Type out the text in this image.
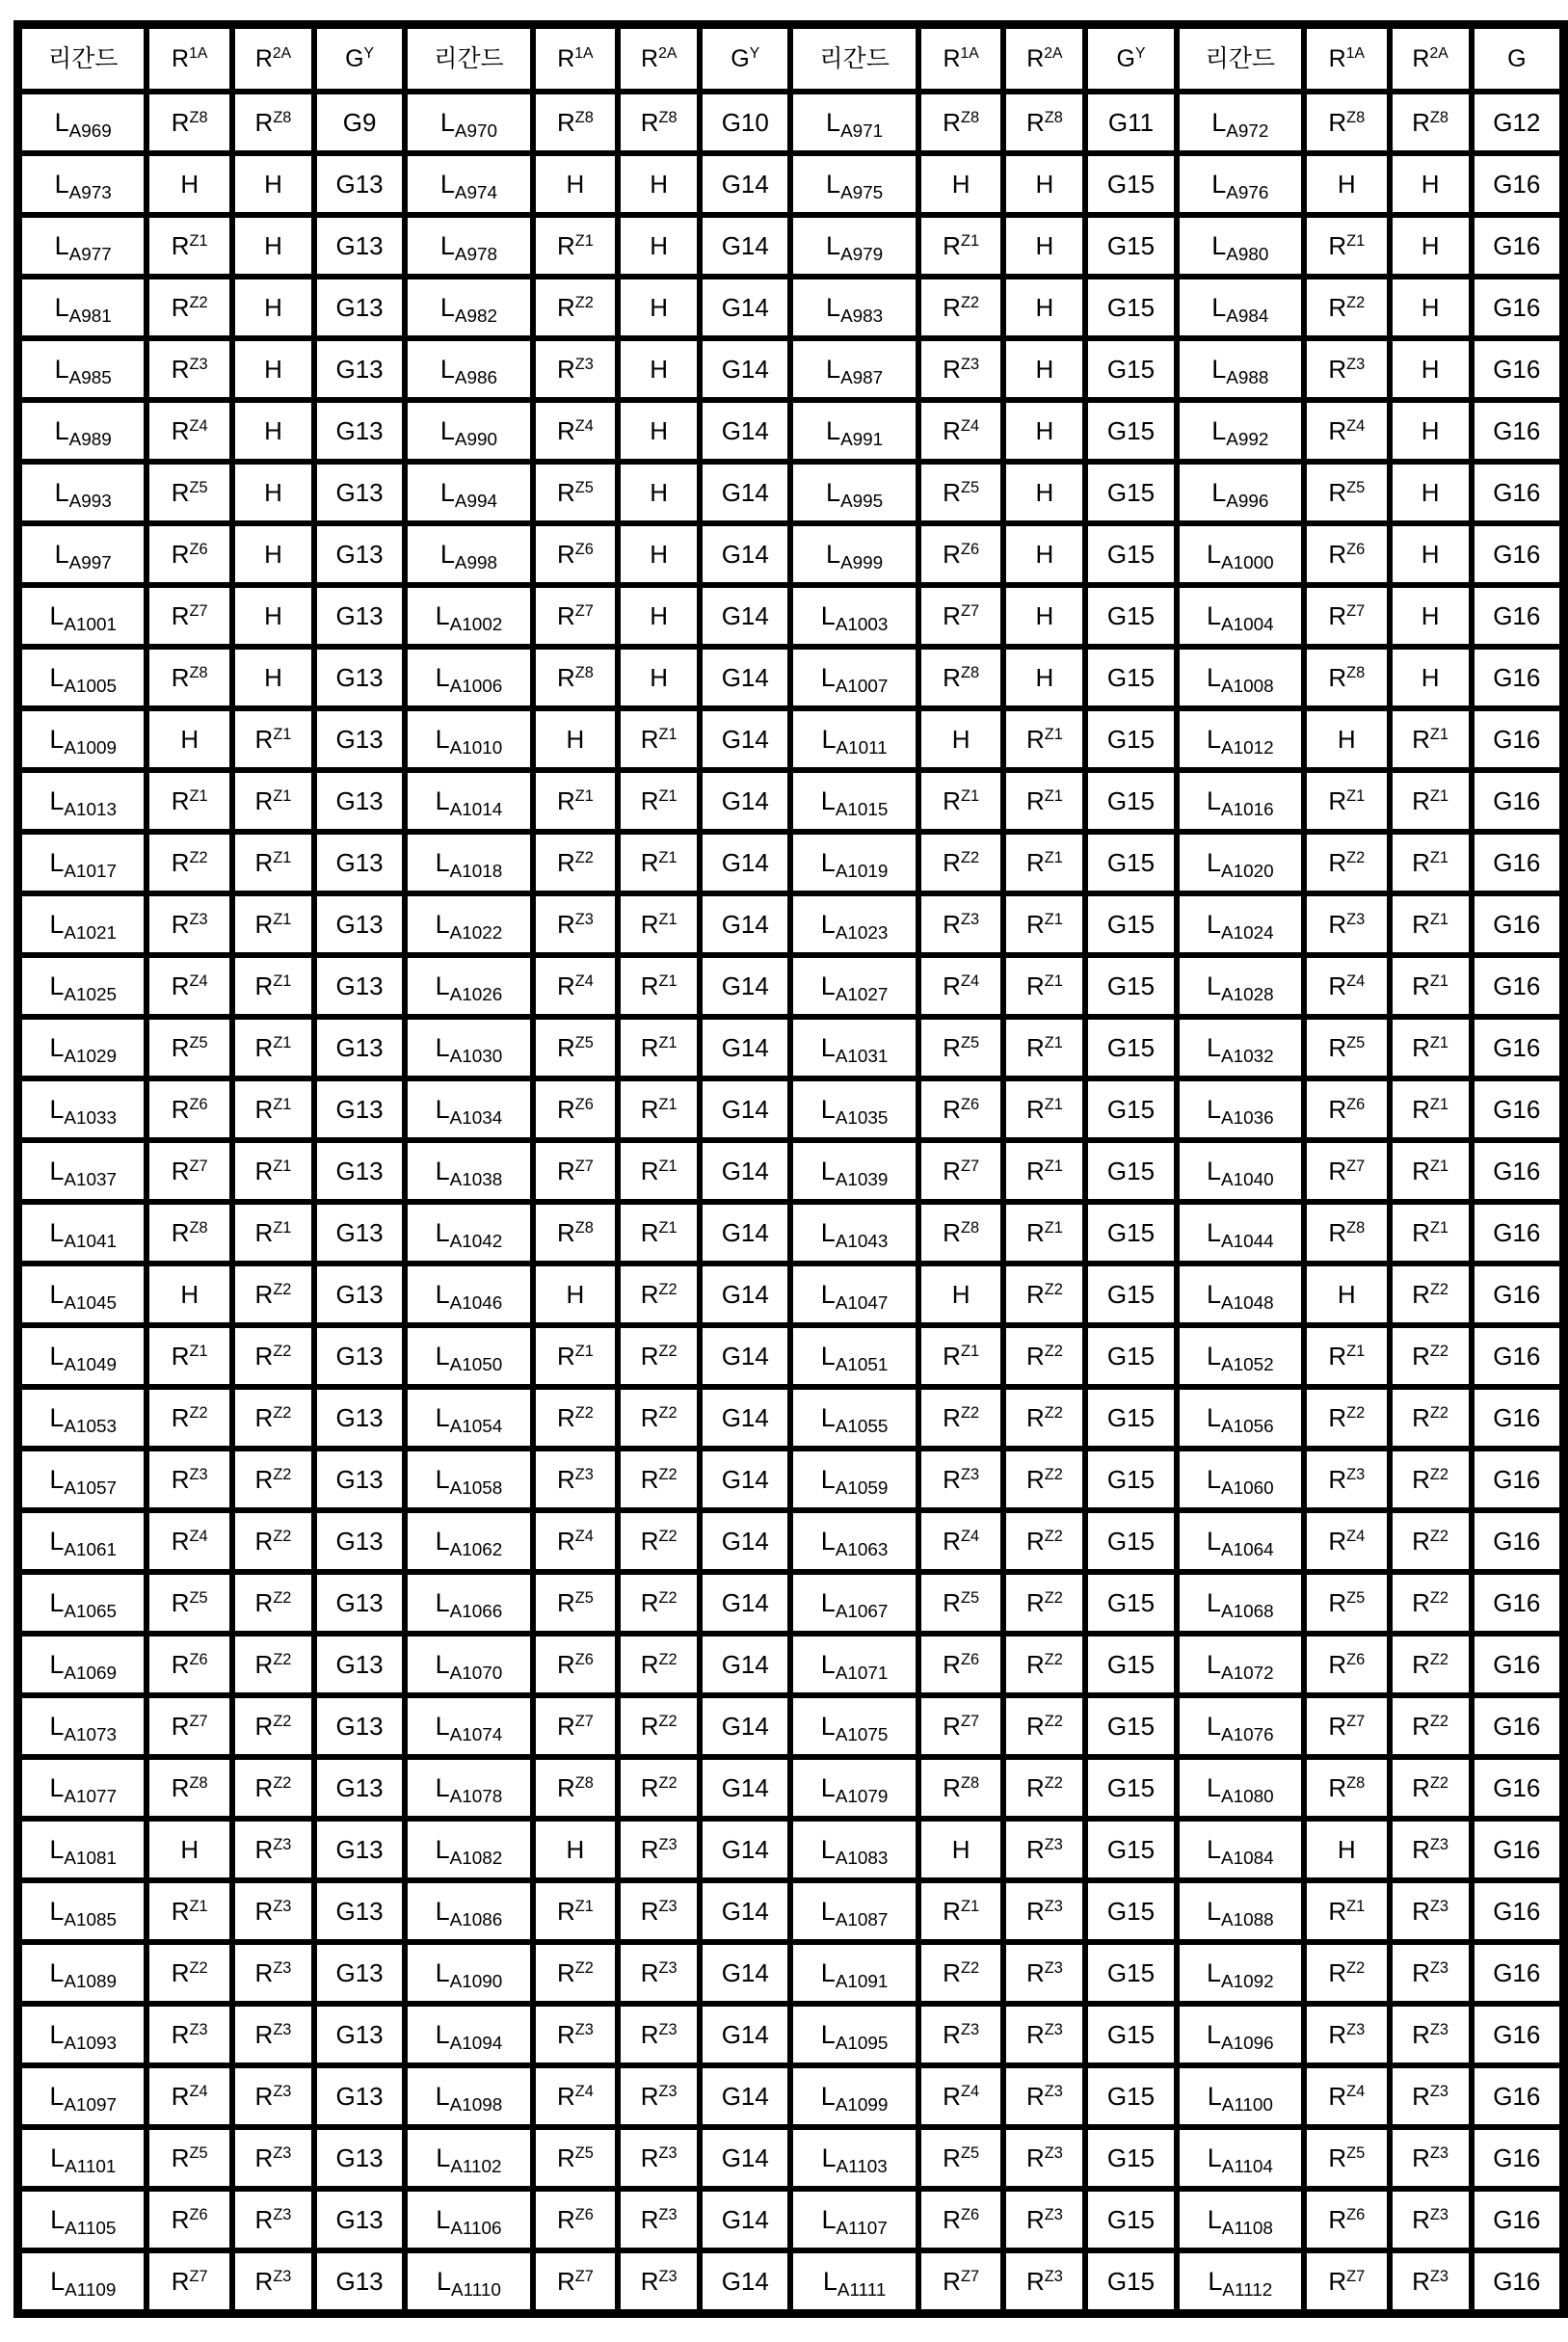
리간드	$R^{1A}$	$R^{2A}$	$G^Y$	리간드	$R^{1A}$	$R^{2A}$	$G^Y$	리간드	$R^{1A}$	$R^{2A}$	$G^Y$	리간드	$R^{1A}$	$R^{2A}$	G
$L_{A969}$	$R^{Z8}$	$R^{Z8}$	G9	$L_{A970}$	$R^{Z8}$	$R^{Z8}$	G10	$L_{A971}$	$R^{Z8}$	$R^{Z8}$	G11	$L_{A972}$	$R^{Z8}$	$R^{Z8}$	G12
$L_{A973}$	H	H	G13	$L_{A974}$	H	H	G14	$L_{A975}$	H	H	G15	$L_{A976}$	H	H	G16
$L_{A977}$	$R^{Z1}$	H	G13	$L_{A978}$	$R^{Z1}$	H	G14	$L_{A979}$	$R^{Z1}$	H	G15	$L_{A980}$	$R^{Z1}$	H	G16
$L_{A981}$	$R^{Z2}$	H	G13	$L_{A982}$	$R^{Z2}$	H	G14	$L_{A983}$	$R^{Z2}$	H	G15	$L_{A984}$	$R^{Z2}$	H	G16
$L_{A985}$	$R^{Z3}$	H	G13	$L_{A986}$	$R^{Z3}$	H	G14	$L_{A987}$	$R^{Z3}$	H	G15	$L_{A988}$	$R^{Z3}$	H	G16
$L_{A989}$	$R^{Z4}$	H	G13	$L_{A990}$	$R^{Z4}$	H	G14	$L_{A991}$	$R^{Z4}$	H	G15	$L_{A992}$	$R^{Z4}$	H	G16
$L_{A993}$	$R^{Z5}$	H	G13	$L_{A994}$	$R^{Z5}$	H	G14	$L_{A995}$	$R^{Z5}$	H	G15	$L_{A996}$	$R^{Z5}$	H	G16
$L_{A997}$	$R^{Z6}$	H	G13	$L_{A998}$	$R^{Z6}$	H	G14	$L_{A999}$	$R^{Z6}$	H	G15	$L_{A1000}$	$R^{Z6}$	H	G16
$L_{A1001}$	$R^{Z7}$	H	G13	$L_{A1002}$	$R^{Z7}$	H	G14	$L_{A1003}$	$R^{Z7}$	H	G15	$L_{A1004}$	$R^{Z7}$	H	G16
$L_{A1005}$	$R^{Z8}$	H	G13	$L_{A1006}$	$R^{Z8}$	H	G14	$L_{A1007}$	$R^{Z8}$	H	G15	$L_{A1008}$	$R^{Z8}$	H	G16
$L_{A1009}$	H	$R^{Z1}$	G13	$L_{A1010}$	H	$R^{Z1}$	G14	$L_{A1011}$	H	$R^{Z1}$	G15	$L_{A1012}$	H	$R^{Z1}$	G16
$L_{A1013}$	$R^{Z1}$	$R^{Z1}$	G13	$L_{A1014}$	$R^{Z1}$	$R^{Z1}$	G14	$L_{A1015}$	$R^{Z1}$	$R^{Z1}$	G15	$L_{A1016}$	$R^{Z1}$	$R^{Z1}$	G16
$L_{A1017}$	$R^{Z2}$	$R^{Z1}$	G13	$L_{A1018}$	$R^{Z2}$	$R^{Z1}$	G14	$L_{A1019}$	$R^{Z2}$	$R^{Z1}$	G15	$L_{A1020}$	$R^{Z2}$	$R^{Z1}$	G16
$L_{A1021}$	$R^{Z3}$	$R^{Z1}$	G13	$L_{A1022}$	$R^{Z3}$	$R^{Z1}$	G14	$L_{A1023}$	$R^{Z3}$	$R^{Z1}$	G15	$L_{A1024}$	$R^{Z3}$	$R^{Z1}$	G16
$L_{A1025}$	$R^{Z4}$	$R^{Z1}$	G13	$L_{A1026}$	$R^{Z4}$	$R^{Z1}$	G14	$L_{A1027}$	$R^{Z4}$	$R^{Z1}$	G15	$L_{A1028}$	$R^{Z4}$	$R^{Z1}$	G16
$L_{A1029}$	$R^{Z5}$	$R^{Z1}$	G13	$L_{A1030}$	$R^{Z5}$	$R^{Z1}$	G14	$L_{A1031}$	$R^{Z5}$	$R^{Z1}$	G15	$L_{A1032}$	$R^{Z5}$	$R^{Z1}$	G16
$L_{A1033}$	$R^{Z6}$	$R^{Z1}$	G13	$L_{A1034}$	$R^{Z6}$	$R^{Z1}$	G14	$L_{A1035}$	$R^{Z6}$	$R^{Z1}$	G15	$L_{A1036}$	$R^{Z6}$	$R^{Z1}$	G16
$L_{A1037}$	$R^{Z7}$	$R^{Z1}$	G13	$L_{A1038}$	$R^{Z7}$	$R^{Z1}$	G14	$L_{A1039}$	$R^{Z7}$	$R^{Z1}$	G15	$L_{A1040}$	$R^{Z7}$	$R^{Z1}$	G16
$L_{A1041}$	$R^{Z8}$	$R^{Z1}$	G13	$L_{A1042}$	$R^{Z8}$	$R^{Z1}$	G14	$L_{A1043}$	$R^{Z8}$	$R^{Z1}$	G15	$L_{A1044}$	$R^{Z8}$	$R^{Z1}$	G16
$L_{A1045}$	H	$R^{Z2}$	G13	$L_{A1046}$	H	$R^{Z2}$	G14	$L_{A1047}$	H	$R^{Z2}$	G15	$L_{A1048}$	H	$R^{Z2}$	G16
$L_{A1049}$	$R^{Z1}$	$R^{Z2}$	G13	$L_{A1050}$	$R^{Z1}$	$R^{Z2}$	G14	$L_{A1051}$	$R^{Z1}$	$R^{Z2}$	G15	$L_{A1052}$	$R^{Z1}$	$R^{Z2}$	G16
$L_{A1053}$	$R^{Z2}$	$R^{Z2}$	G13	$L_{A1054}$	$R^{Z2}$	$R^{Z2}$	G14	$L_{A1055}$	$R^{Z2}$	$R^{Z2}$	G15	$L_{A1056}$	$R^{Z2}$	$R^{Z2}$	G16
$L_{A1057}$	$R^{Z3}$	$R^{Z2}$	G13	$L_{A1058}$	$R^{Z3}$	$R^{Z2}$	G14	$L_{A1059}$	$R^{Z3}$	$R^{Z2}$	G15	$L_{A1060}$	$R^{Z3}$	$R^{Z2}$	G16
$L_{A1061}$	$R^{Z4}$	$R^{Z2}$	G13	$L_{A1062}$	$R^{Z4}$	$R^{Z2}$	G14	$L_{A1063}$	$R^{Z4}$	$R^{Z2}$	G15	$L_{A1064}$	$R^{Z4}$	$R^{Z2}$	G16
$L_{A1065}$	$R^{Z5}$	$R^{Z2}$	G13	$L_{A1066}$	$R^{Z5}$	$R^{Z2}$	G14	$L_{A1067}$	$R^{Z5}$	$R^{Z2}$	G15	$L_{A1068}$	$R^{Z5}$	$R^{Z2}$	G16
$L_{A1069}$	$R^{Z6}$	$R^{Z2}$	G13	$L_{A1070}$	$R^{Z6}$	$R^{Z2}$	G14	$L_{A1071}$	$R^{Z6}$	$R^{Z2}$	G15	$L_{A1072}$	$R^{Z6}$	$R^{Z2}$	G16
$L_{A1073}$	$R^{Z7}$	$R^{Z2}$	G13	$L_{A1074}$	$R^{Z7}$	$R^{Z2}$	G14	$L_{A1075}$	$R^{Z7}$	$R^{Z2}$	G15	$L_{A1076}$	$R^{Z7}$	$R^{Z2}$	G16
$L_{A1077}$	$R^{Z8}$	$R^{Z2}$	G13	$L_{A1078}$	$R^{Z8}$	$R^{Z2}$	G14	$L_{A1079}$	$R^{Z8}$	$R^{Z2}$	G15	$L_{A1080}$	$R^{Z8}$	$R^{Z2}$	G16
$L_{A1081}$	H	$R^{Z3}$	G13	$L_{A1082}$	H	$R^{Z3}$	G14	$L_{A1083}$	H	$R^{Z3}$	G15	$L_{A1084}$	H	$R^{Z3}$	G16
$L_{A1085}$	$R^{Z1}$	$R^{Z3}$	G13	$L_{A1086}$	$R^{Z1}$	$R^{Z3}$	G14	$L_{A1087}$	$R^{Z1}$	$R^{Z3}$	G15	$L_{A1088}$	$R^{Z1}$	$R^{Z3}$	G16
$L_{A1089}$	$R^{Z2}$	$R^{Z3}$	G13	$L_{A1090}$	$R^{Z2}$	$R^{Z3}$	G14	$L_{A1091}$	$R^{Z2}$	$R^{Z3}$	G15	$L_{A1092}$	$R^{Z2}$	$R^{Z3}$	G16
$L_{A1093}$	$R^{Z3}$	$R^{Z3}$	G13	$L_{A1094}$	$R^{Z3}$	$R^{Z3}$	G14	$L_{A1095}$	$R^{Z3}$	$R^{Z3}$	G15	$L_{A1096}$	$R^{Z3}$	$R^{Z3}$	G16
$L_{A1097}$	$R^{Z4}$	$R^{Z3}$	G13	$L_{A1098}$	$R^{Z4}$	$R^{Z3}$	G14	$L_{A1099}$	$R^{Z4}$	$R^{Z3}$	G15	$L_{A1100}$	$R^{Z4}$	$R^{Z3}$	G16
$L_{A1101}$	$R^{Z5}$	$R^{Z3}$	G13	$L_{A1102}$	$R^{Z5}$	$R^{Z3}$	G14	$L_{A1103}$	$R^{Z5}$	$R^{Z3}$	G15	$L_{A1104}$	$R^{Z5}$	$R^{Z3}$	G16
$L_{A1105}$	$R^{Z6}$	$R^{Z3}$	G13	$L_{A1106}$	$R^{Z6}$	$R^{Z3}$	G14	$L_{A1107}$	$R^{Z6}$	$R^{Z3}$	G15	$L_{A1108}$	$R^{Z6}$	$R^{Z3}$	G16
$L_{A1109}$	$R^{Z7}$	$R^{Z3}$	G13	$L_{A1110}$	$R^{Z7}$	$R^{Z3}$	G14	$L_{A1111}$	$R^{Z7}$	$R^{Z3}$	G15	$L_{A1112}$	$R^{Z7}$	$R^{Z3}$	G16
